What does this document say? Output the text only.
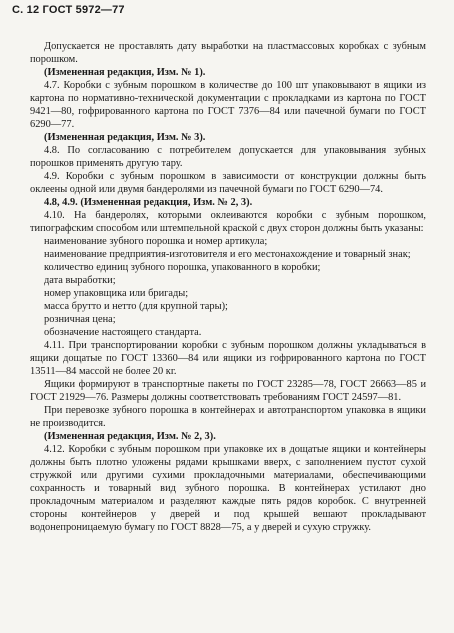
С. 12 ГОСТ 5972—77

Допускается не проставлять дату выработки на пластмассовых коробках с зубным порошком.

(Измененная редакция, Изм. № 1).

4.7. Коробки с зубным порошком в количестве до 100 шт упаковывают в ящики из картона по нормативно-технической документации с прокладками из картона по ГОСТ 9421—80, гофрированного картона по ГОСТ 7376—84 или пачечной бумаги по ГОСТ 6290—77.

(Измененная редакция, Изм. № 3).

4.8. По согласованию с потребителем допускается для упаковывания зубных порошков применять другую тару.

4.9. Коробки с зубным порошком в зависимости от конструкции должны быть оклеены одной или двумя бандеролями из пачечной бумаги по ГОСТ 6290—74.

4.8, 4.9. (Измененная редакция, Изм. № 2, 3).

4.10. На бандеролях, которыми оклеиваются коробки с зубным порошком, типографским способом или штемпельной краской с двух сторон должны быть указаны:

наименование зубного порошка и номер артикула;

наименование предприятия-изготовителя и его местонахождение и товарный знак;

количество единиц зубного порошка, упакованного в коробки;

дата выработки;

номер упаковщика или бригады;

масса брутто и нетто (для крупной тары);

розничная цена;

обозначение настоящего стандарта.

4.11. При транспортировании коробки с зубным порошком должны укладываться в ящики дощатые по ГОСТ 13360—84 или ящики из гофрированного картона по ГОСТ 13511—84 массой не более 20 кг.

Ящики формируют в транспортные пакеты по ГОСТ 23285—78, ГОСТ 26663—85 и ГОСТ 21929—76. Размеры должны соответствовать требованиям ГОСТ 24597—81.

При перевозке зубного порошка в контейнерах и автотранспортом упаковка в ящики не производится.

(Измененная редакция, Изм. № 2, 3).

4.12. Коробки с зубным порошком при упаковке их в дощатые ящики и контейнеры должны быть плотно уложены рядами крышками вверх, с заполнением пустот сухой стружкой или другими сухими прокладочными материалами, обеспечивающими сохранность и товарный вид зубного порошка. В контейнерах устилают дно прокладочным материалом и разделяют каждые пять рядов коробок. С внутренней стороны контейнеров у дверей и под крышей вешают прокладывают водонепроницаемую бумагу по ГОСТ 8828—75, а у дверей и сухую стружку.
